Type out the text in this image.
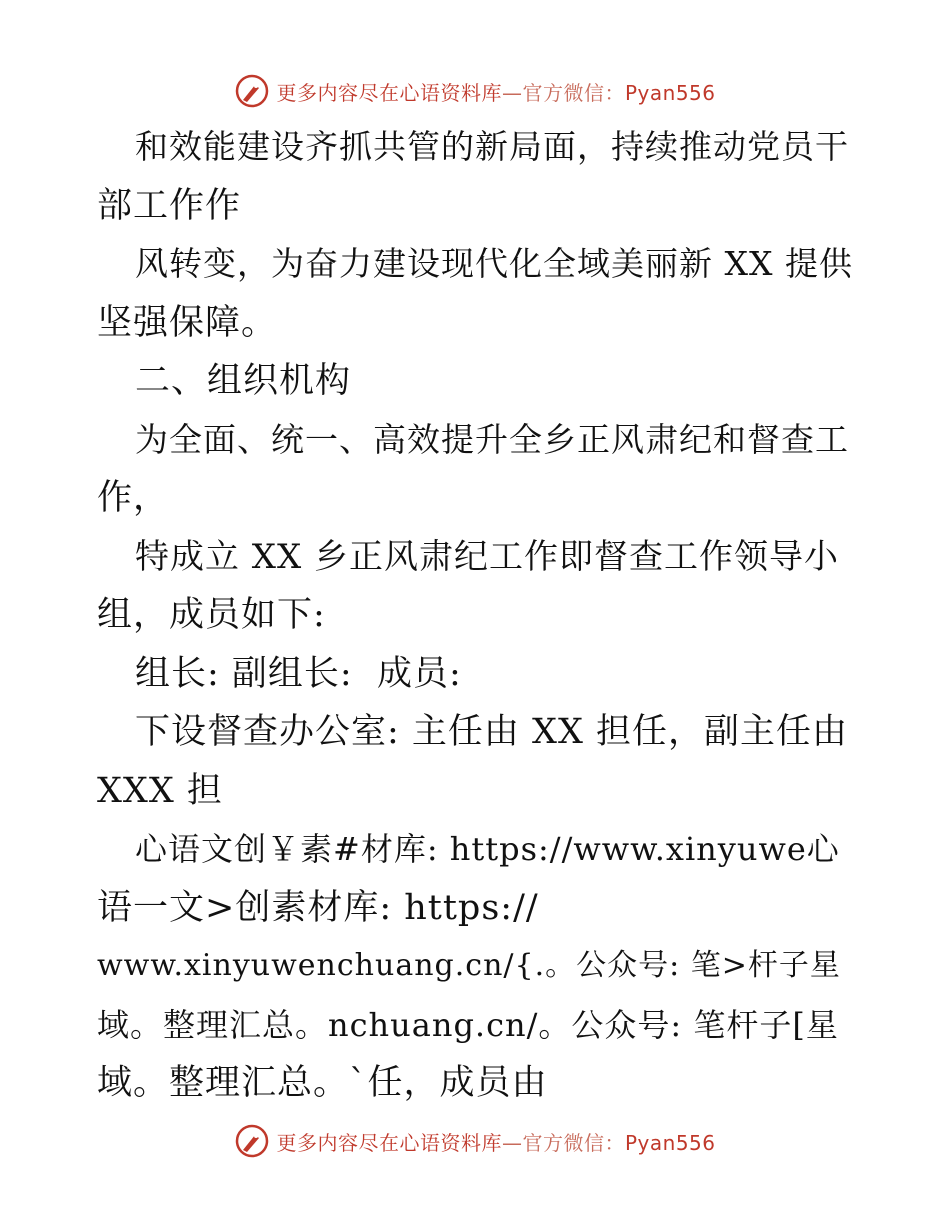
更多内容尽在心语资料库—官方微信：Pyan556
和效能建设齐抓共管的新局面，持续推动党员干
部工作作
风转变，为奋力建设现代化全域美丽新 XX 提供
坚强保障。
二、组织机构
为全面、统一、高效提升全乡正风肃纪和督查工
作，
特成立 XX 乡正风肃纪工作即督查工作领导小
组，成员如下:
组长: 副组长:  成员:
下设督查办公室: 主任由 XX 担任，副主任由
XXX 担
心语文创￥素#材库: https://www.xinyuwe心
语一文>创素材库: https://
www.xinyuwenchuang.cn/{.。公众号: 笔>杆子星
域。整理汇总。nchuang.cn/。公众号: 笔杆子[星
域。整理汇总。`任，成员由
更多内容尽在心语资料库—官方微信：Pyan556
